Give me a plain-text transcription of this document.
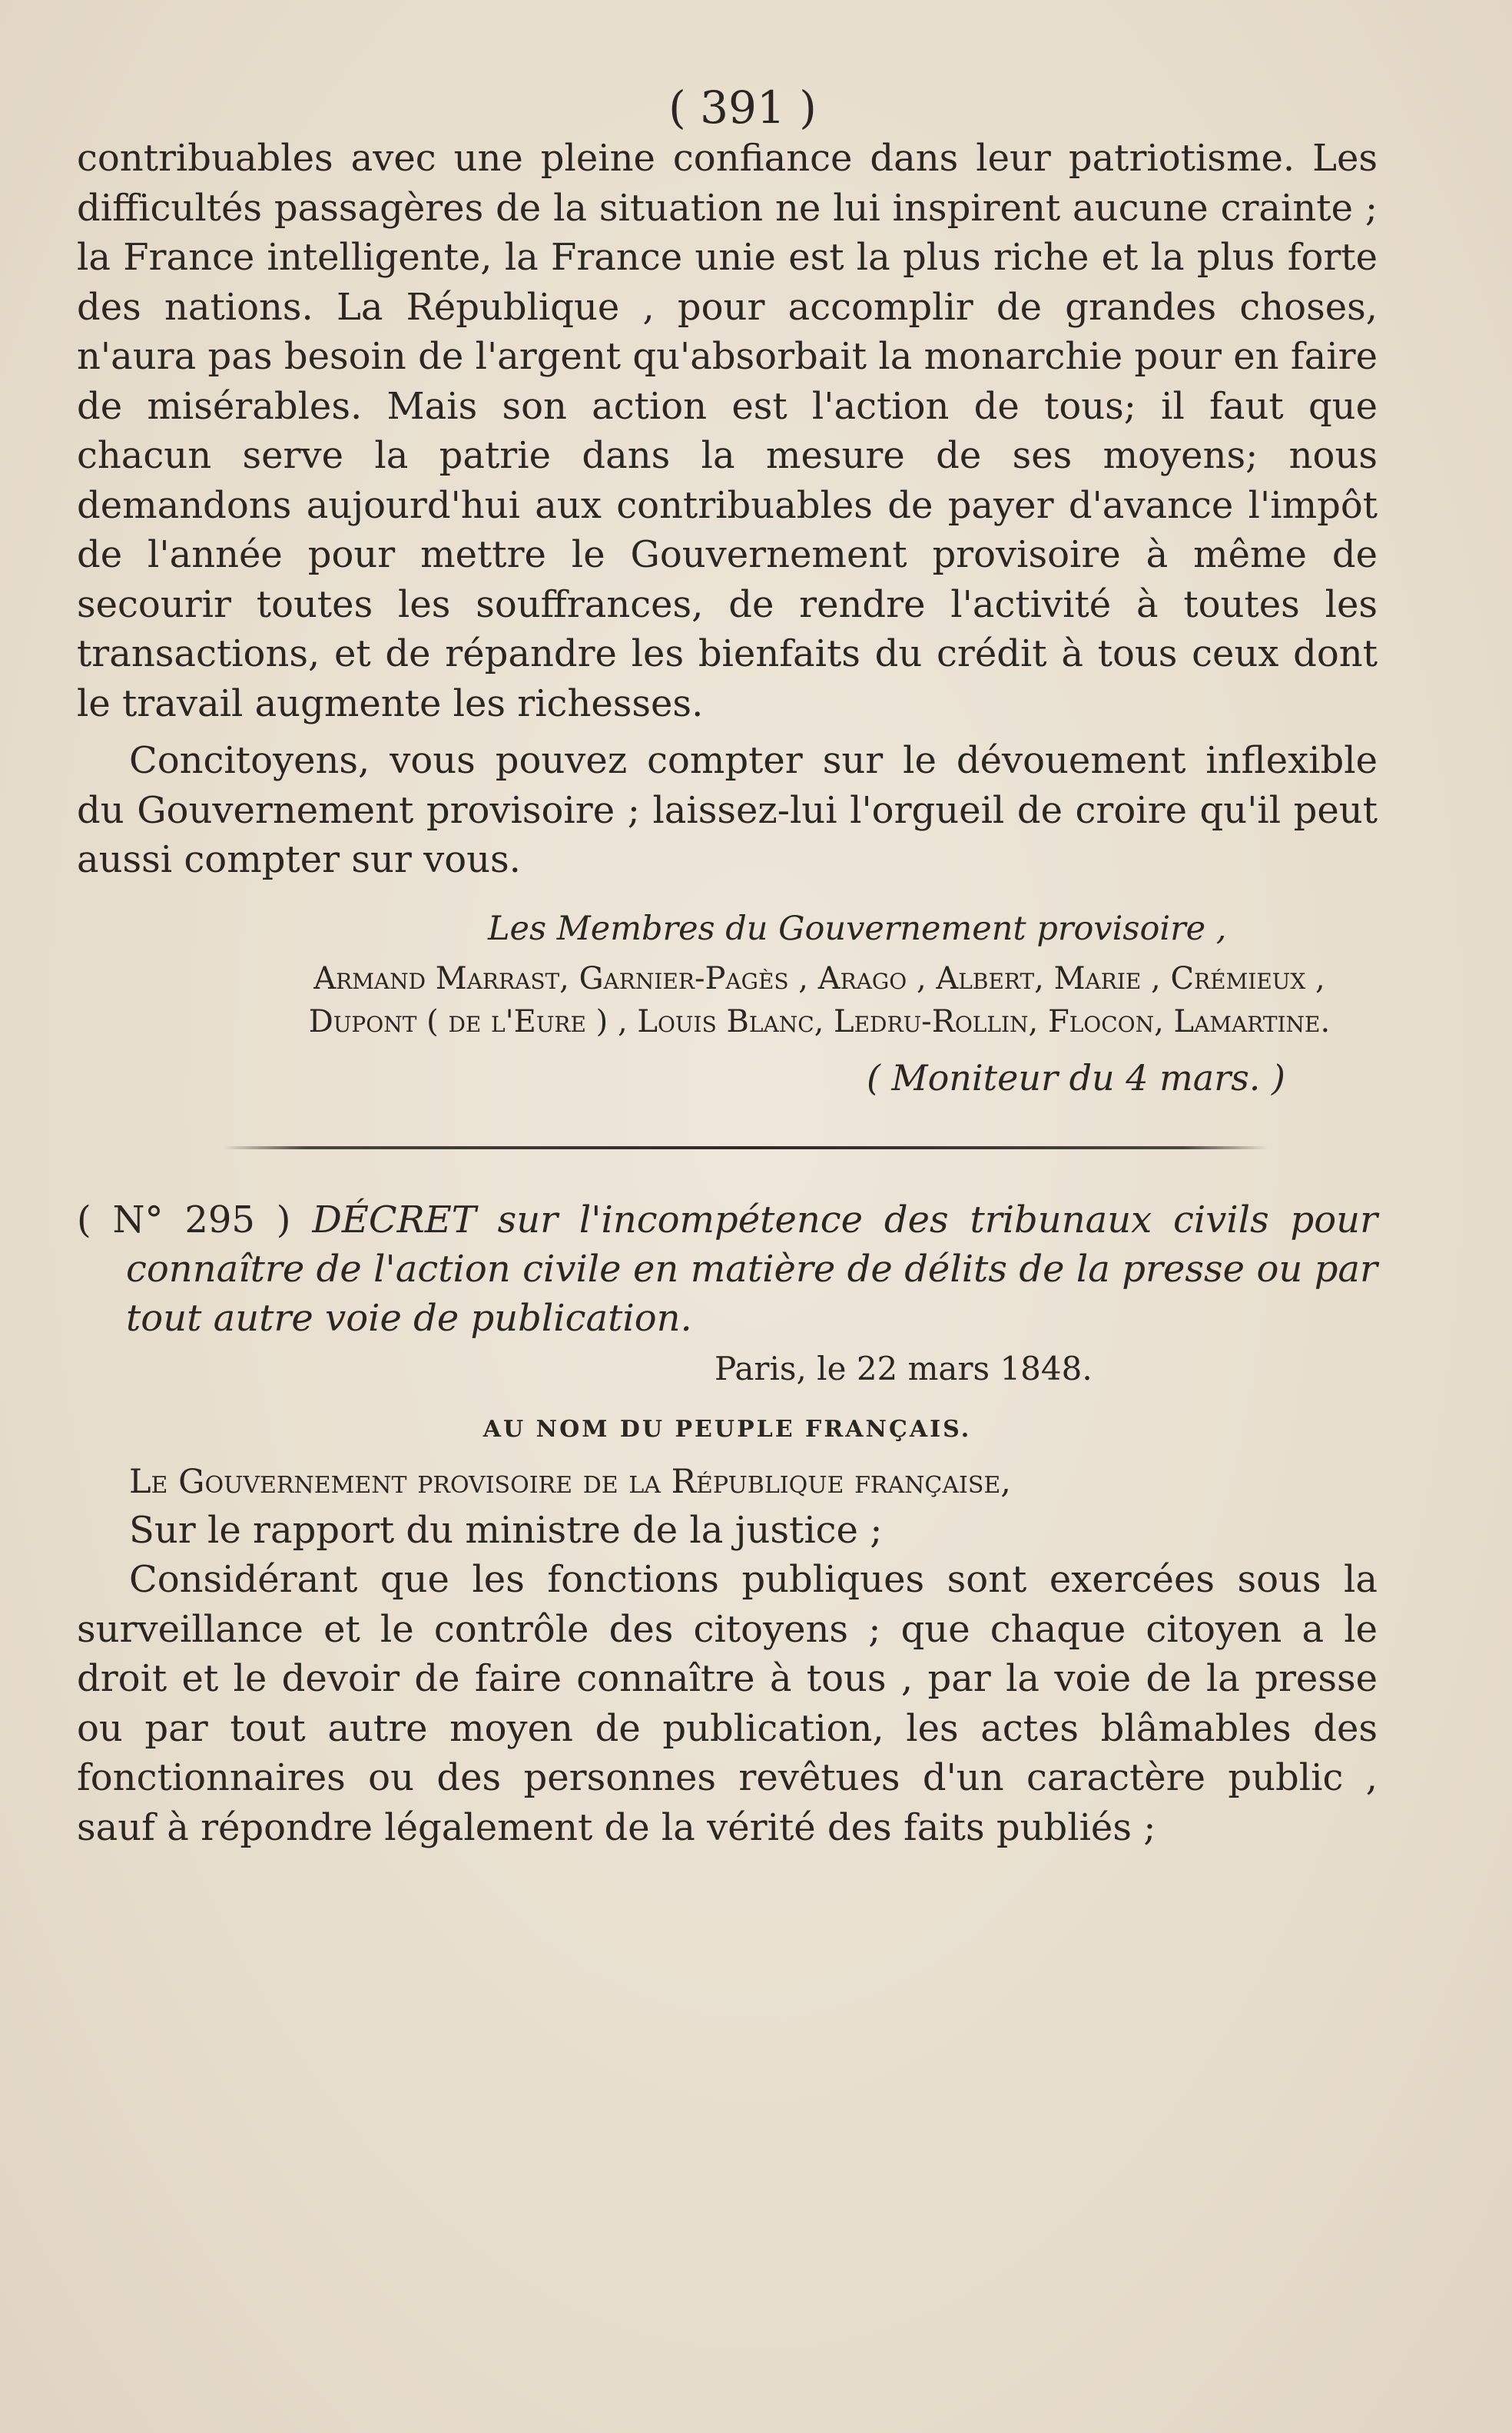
( 391 )

contribuables avec une pleine confiance dans leur patriotisme. Les difficultés passagères de la situation ne lui inspirent aucune crainte ; la France intelligente, la France unie est la plus riche et la plus forte des nations. La République , pour accomplir de grandes choses, n'aura pas besoin de l'argent qu'absorbait la monarchie pour en faire de misérables. Mais son action est l'action de tous; il faut que chacun serve la patrie dans la mesure de ses moyens; nous demandons aujourd'hui aux contribuables de payer d'avance l'impôt de l'année pour mettre le Gouvernement provisoire à même de secourir toutes les souffrances, de rendre l'activité à toutes les transactions, et de répandre les bienfaits du crédit à tous ceux dont le travail augmente les richesses.

Concitoyens, vous pouvez compter sur le dévouement inflexible du Gouvernement provisoire ; laissez-lui l'orgueil de croire qu'il peut aussi compter sur vous.

Les Membres du Gouvernement provisoire ,
Armand Marrast, Garnier-Pagès , Arago , Albert, Marie , Crémieux , Dupont ( de l'Eure ) , Louis Blanc, Ledru-Rollin, Flocon, Lamartine.
( Moniteur du 4 mars. )

( N° 295 ) DÉCRET sur l'incompétence des tribunaux civils pour connaître de l'action civile en matière de délits de la presse ou par tout autre voie de publication.

Paris, le 22 mars 1848.
AU NOM DU PEUPLE FRANÇAIS.
Le Gouvernement provisoire de la République française,

Sur le rapport du ministre de la justice ;

Considérant que les fonctions publiques sont exercées sous la surveillance et le contrôle des citoyens ; que chaque citoyen a le droit et le devoir de faire connaître à tous , par la voie de la presse ou par tout autre moyen de publication, les actes blâmables des fonctionnaires ou des personnes revêtues d'un caractère public , sauf à répondre légalement de la vérité des faits publiés ;
